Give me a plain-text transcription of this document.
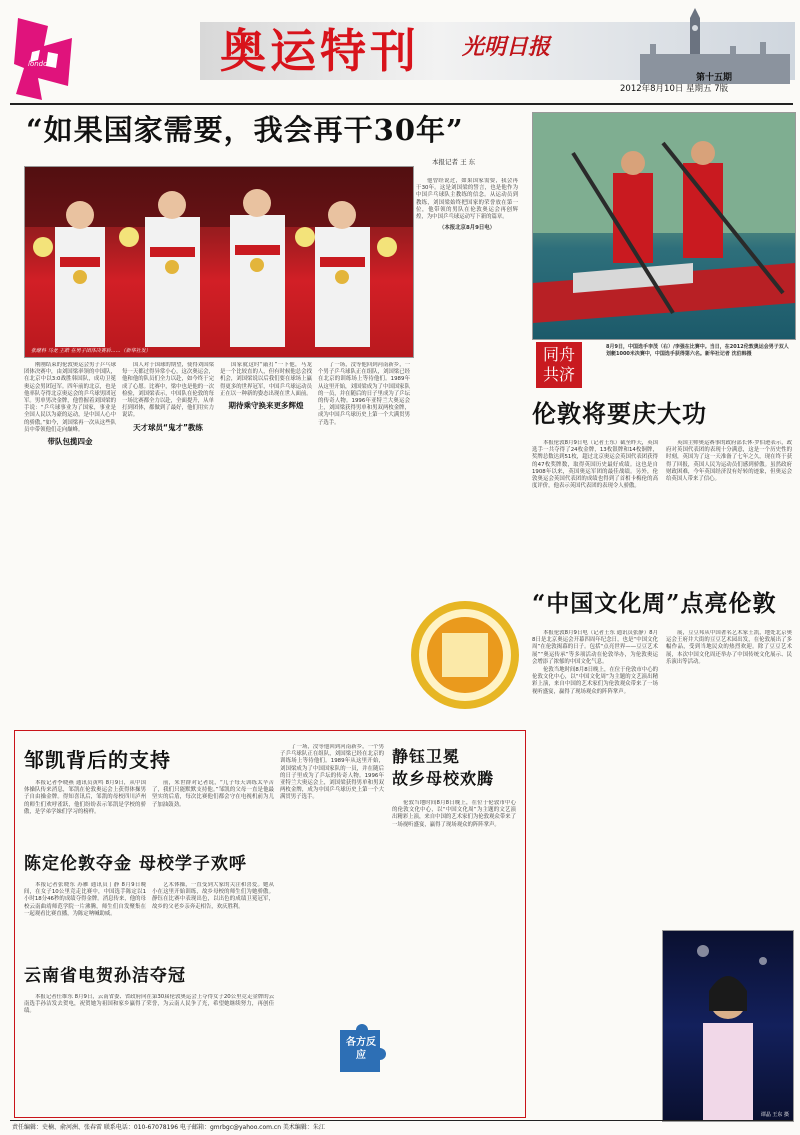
london	奥运特刊 光明日报
第十五期
2012年8月10日 星期五 7版
“如果国家需要，我会再干30年”
本报记者 王 东
张继科 马龙 王皓 在男子团体决赛后……（新华社发）

刚刚结束的伦敦奥运会男子乒乓球团体决赛中，由刘国梁率领的中国队，在北京中以3:0战胜韩国队，成功卫冕奥运会男团冠军。四年前的北京，也是他率队夺得北京奥运会的乒乓球男团冠军。男单男决金牌，他曾握着刘国梁的手说：“乒乓球事业为了国家，事业是全国人民以为豪的运动，是中国人心中的骄傲。”如今，刘国梁再一次从这些队员中带领他们走向巅峰。

带队包揽四金

国人对于国球的期望，使得刘国梁每一天都过得异常小心，这次奥运会，他和他的队员们全力以赴，如今终于完成了心愿。比赛中，梁中也是他的一次检验，刘国梁表示，中国队在伦敦的每一场比赛都全力以赴，全面提升，从单打到团体，都做到了最好，他们用实力说话。

天才球员“鬼才”教练

国家就这时“敲打”一下他，马龙是一个比较直的人，但有时候他总会找机会，刘国梁说以后我们要在球场上赢得更多的世界冠军，中国乒乓球运动员正在以一种新的姿态出现在世人面前。

期待乘守换来更多辉煌

了一场，没等他回到河南新乡，一个男子乒乓球队正在组队，刘国梁已经在北京的训练场上等待他们。1989年从这里开始，刘国梁成为了中国国家队的一员，并在随后的日子里成为了乒坛的传奇人物。1996年亚特兰大奥运会上，刘国梁获得男单和男双两枚金牌，成为中国乒乓球历史上第一个大满贯男子选手。

他曾经说过，如果国家需要，我会再干30年。这是刘国梁的誓言，也是他作为中国乒乓球队主教练的信念。从运动员到教练，刘国梁始终把国家的荣誉放在第一位，他带领的男队在伦敦奥运会再创辉煌，为中国乒乓球运动写下新的篇章。

（本报北京8月9日电）
同舟共济
8月9日，中国选手李茂（右）/李强在比赛中。当日，在2012伦敦奥运会男子双人划艇1000米决赛中，中国选手获得第六名。新华社记者 沈伯韩摄
伦敦将要庆大功

本报伦敦8月9日电（记者王东）截至昨天，英国选手一共夺得了24枚金牌，13枚银牌和14枚铜牌，奖牌总数达到51枚，超过北京奥运会英国代表团获得的47枚奖牌数，取得英国历史最好成绩。这也是自1908年以来，英国奥运军团的最佳战绩。另外，伦敦奥运会英国代表团的成绩也得到了首相卡梅伦的高度评价，他表示英国代表团的表现令人骄傲。

英国主帅奥运赛事的政府部长休·罗伯逊表示，政府对英国代表团的表现十分满意，这是一个历史性的时刻，英国为了这一天准备了七年之久，现在终于获得了回报，英国人民为运动员们感到骄傲。虽然政府财政困难，今年英国经济没有好转的迹象，但奥运会给英国人带来了信心。

“中国文化周”点亮伦敦

本报伦敦8月9日电（记者王东 通讯员张静）8月8日是北京奥运会开幕四周年纪念日，也是“中国文化周”在伦敦揭幕的日子。包括“点亮世界——豆豆艺术展”“奥运传承”等多项活动在伦敦举办，为伦敦奥运会增添了浓郁的中国文化气息。

伦敦当地时间8月8日晚上，在位于伦敦市中心的伦敦文化中心，以“中国文化周”为主题的文艺演出精彩上演，来自中国的艺术家们为伦敦观众带来了一场视听盛宴，赢得了现场观众的阵阵掌声。

展，豆豆邦从中国著名艺术家王凯，地处北京奥运会王府井大街的豆豆艺术园出发，在伦敦展出了多幅作品，受到当地民众的热烈欢迎。除了豆豆艺术展，本次中国文化周还举办了中国传统文化展示、民乐演出等活动。

谭晶 王东 摄
邹凯背后的支持

本报记者李晓燕 通讯员黄鸣 8月9日，从中国体操队传来消息，邹凯在伦敦奥运会上获得体操男子自由操金牌。得知喜讯后，邹凯的母校四川泸州的师生们欢呼雀跃，他们纷纷表示邹凯是学校的骄傲，是学弟学妹们学习的榜样。

前，朱世群对记者说，“儿子每天训练太辛苦了，我们只能默默支持他。”邹凯的父母一直是他最坚实的后盾，每次比赛他们都会守在电视机前为儿子加油鼓劲。

陈定伦敦夺金 母校学子欢呼

本报记者张晓东 苏雁 通讯员丁静 8月9日晚间，在女子10公里竞走比赛中，中国选手陈定以1小时18分46秒的成绩夺得金牌。消息传来，他的母校云南曲靖师范学院一片沸腾，师生们自发聚集在一起观看比赛直播，为陈定呐喊助威。

艺术体操，一直受到大家的关注和喜爱。她从小在这里开始训练，故乡母校的师生们为她骄傲。静钰在比赛中表现出色，以出色的成绩卫冕冠军，故乡的父老乡亲奔走相告，欢庆胜利。

云南省电贺孙洁夺冠

本报记者任维东 8月9日，云南省委、省政府向在第30届伦敦奥运会上夺得女子20公里竞走金牌的云南选手孙洁发去贺电，祝贺她为祖国和家乡赢得了荣誉，为云南人民争了光，希望她继续努力，再创佳绩。

了一场，没等他回到河南新乡，一个男子乒乓球队正在组队，刘国梁已经在北京的训练场上等待他们。1989年从这里开始，刘国梁成为了中国国家队的一员，并在随后的日子里成为了乒坛的传奇人物。1996年亚特兰大奥运会上，刘国梁获得男单和男双两枚金牌，成为中国乒乓球历史上第一个大满贯男子选手。

静钰卫冕
故乡母校欢腾

伦敦当地时间8月8日晚上，在位于伦敦市中心的伦敦文化中心，以“中国文化周”为主题的文艺演出精彩上演，来自中国的艺术家们为伦敦观众带来了一场视听盛宴，赢得了现场观众的阵阵掌声。

各方反应
责任编辑：史楠、俞河洲、张春雷 联系电话：010-67078196 电子邮箱：gmrbgc@yahoo.com.cn 美术编辑：朱江
